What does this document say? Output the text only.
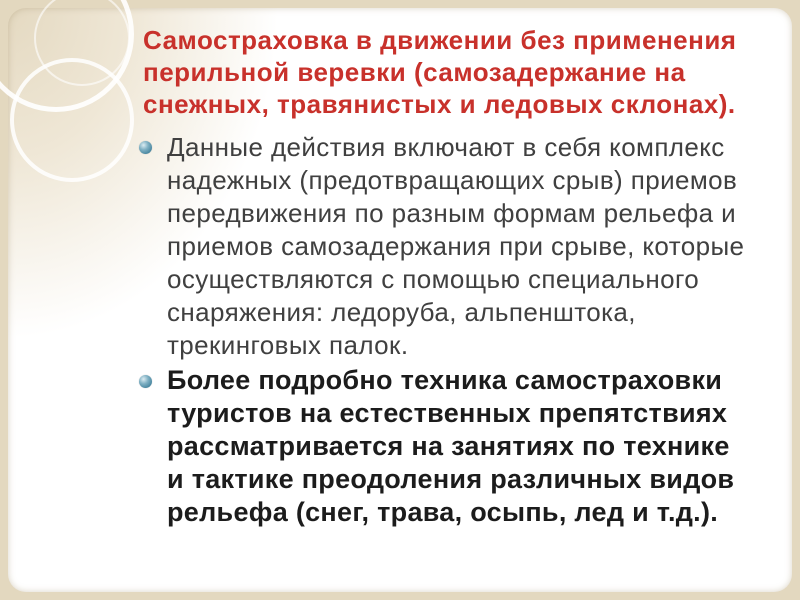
Самостраховка в движении без применения
перильной веревки (самозадержание на
снежных, травянистых и ледовых склонах).
Данные действия включают в себя комплекс
надежных (предотвращающих срыв) приемов
передвижения по разным формам рельефа и
приемов самозадержания при срыве, которые
осуществляются с помощью специального
снаряжения: ледоруба, альпенштока,
трекинговых палок.
Более подробно техника самостраховки
туристов на естественных препятствиях
рассматривается на занятиях по технике
и тактике преодоления различных видов
рельефа (снег, трава, осыпь, лед и т.д.).
